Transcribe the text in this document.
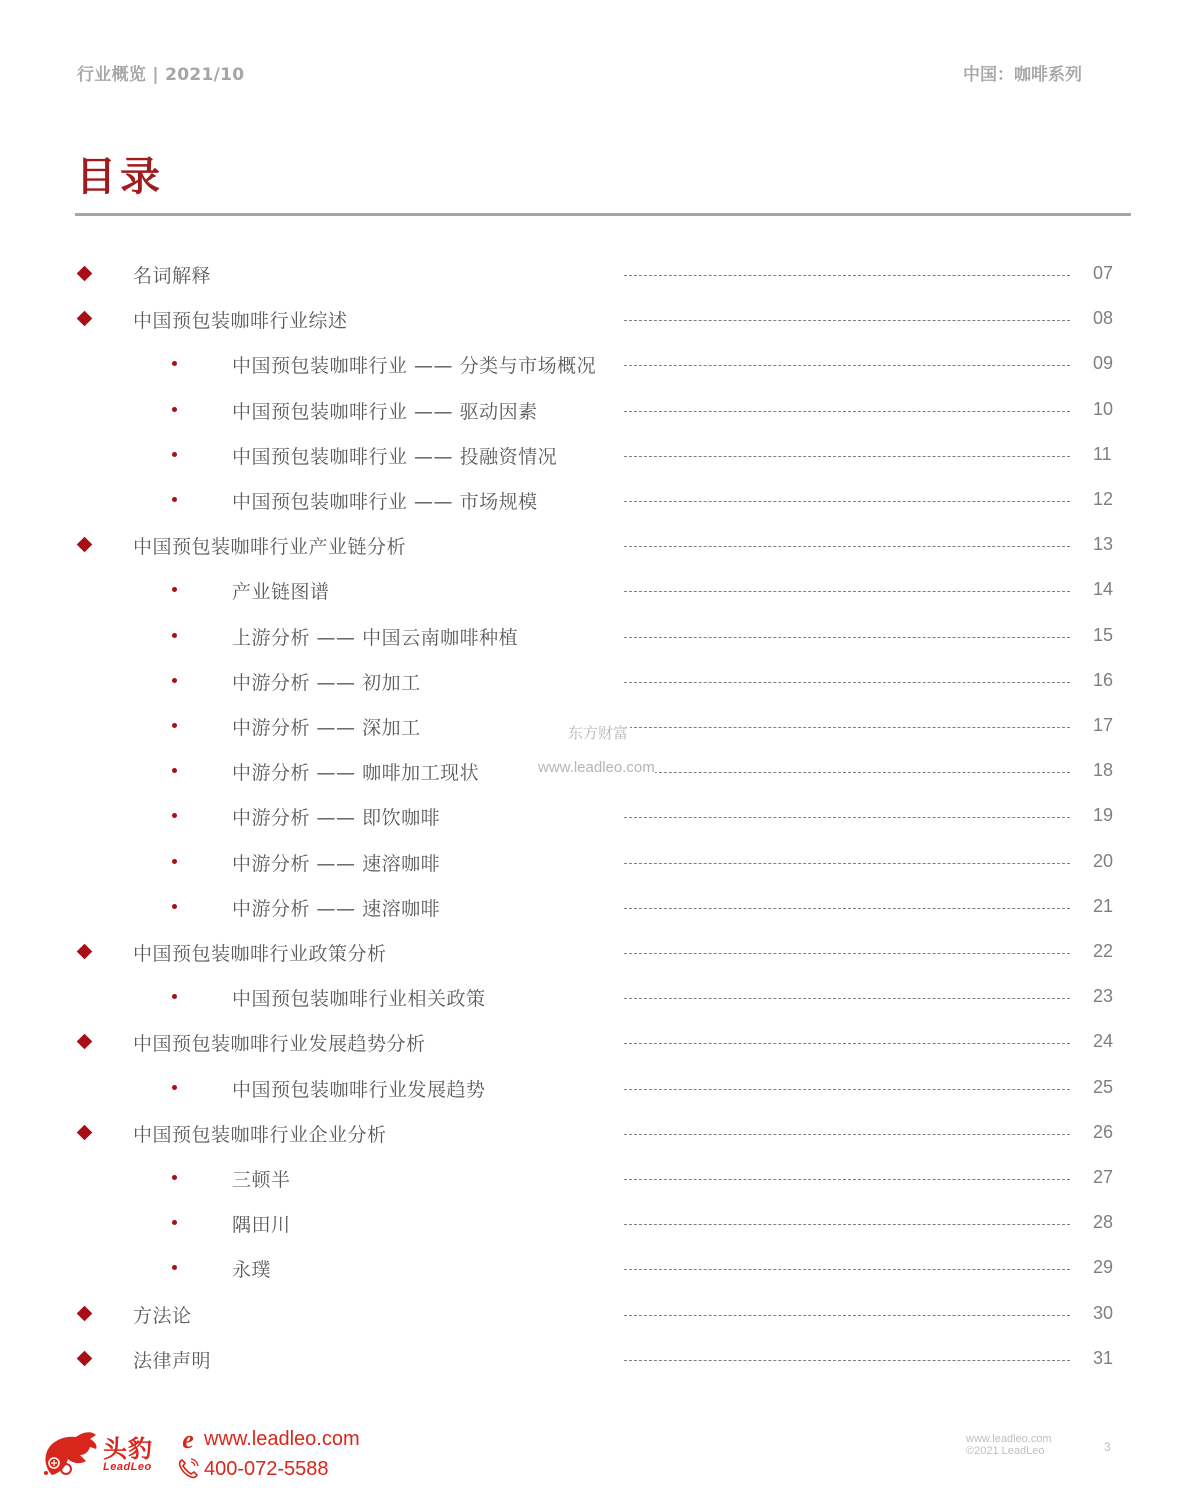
行业概览 | 2021/10	中国：咖啡系列
目录
名词解释	07
中国预包装咖啡行业综述	08
中国预包装咖啡行业 —— 分类与市场概况	09
中国预包装咖啡行业 —— 驱动因素	10
中国预包装咖啡行业 —— 投融资情况	11
中国预包装咖啡行业 —— 市场规模	12
中国预包装咖啡行业产业链分析	13
产业链图谱	14
上游分析 —— 中国云南咖啡种植	15
中游分析 —— 初加工	16
中游分析 —— 深加工	17
中游分析 —— 咖啡加工现状	18
中游分析 —— 即饮咖啡	19
中游分析 —— 速溶咖啡	20
中游分析 —— 速溶咖啡	21
中国预包装咖啡行业政策分析	22
中国预包装咖啡行业相关政策	23
中国预包装咖啡行业发展趋势分析	24
中国预包装咖啡行业发展趋势	25
中国预包装咖啡行业企业分析	26
三顿半	27
隅田川	28
永璞	29
方法论	30
法律声明	31
东方财富
www.leadleo.com
头豹
LeadLeo
e www.leadleo.com
400-072-5588
www.leadleo.com
©2021 LeadLeo	3
